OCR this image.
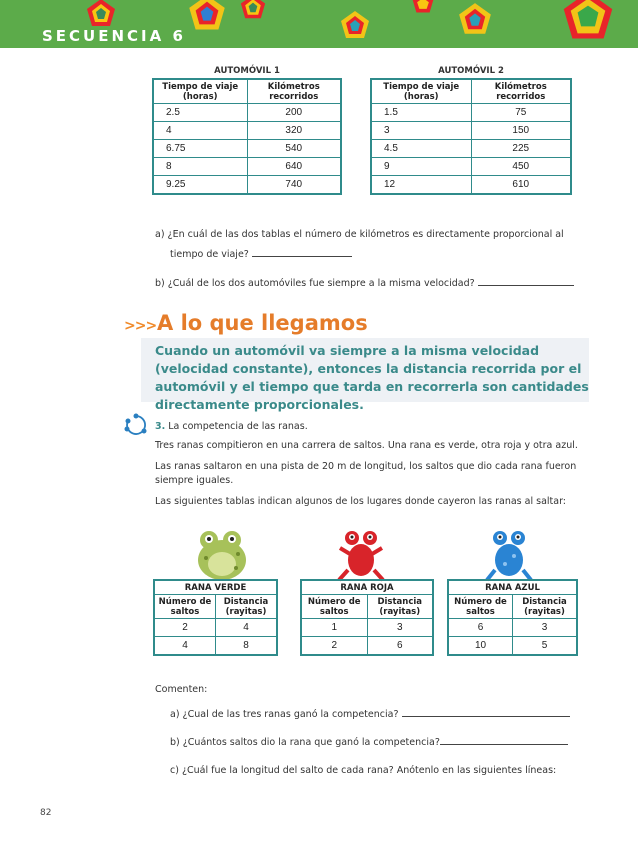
SECUENCIA 6
AUTOMÓVIL 1
Tiempo de viaje (horas)	Kilómetros recorridos
2.5	200
4	320
6.75	540
8	640
9.25	740
AUTOMÓVIL 2
Tiempo de viaje (horas)	Kilómetros recorridos
1.5	75
3	150
4.5	225
9	450
12	610
a) ¿En cuál de las dos tablas el número de kilómetros es directamente proporcional al
tiempo de viaje?
b) ¿Cuál de los dos automóviles fue siempre a la misma velocidad?
>>> A lo que llegamos
Cuando un automóvil va siempre a la misma velocidad (velocidad constante), entonces la distancia recorrida por el automóvil y el tiempo que tarda en recorrerla son cantidades directamente proporcionales.
3. La competencia de las ranas.
Tres ranas compitieron en una carrera de saltos. Una rana es verde, otra roja y otra azul.
Las ranas saltaron en una pista de 20 m de longitud, los saltos que dio cada rana fueron siempre iguales.
Las siguientes tablas indican algunos de los lugares donde cayeron las ranas al saltar:
RANA VERDE	
Número de saltos	Distancia (rayitas)
2	4
4	8
RANA ROJA	
Número de saltos	Distancia (rayitas)
1	3
2	6
RANA AZUL	
Número de saltos	Distancia (rayitas)
6	3
10	5
Comenten:
a) ¿Cual de las tres ranas ganó la competencia?
b) ¿Cuántos saltos dio la rana que ganó la competencia?
c) ¿Cuál fue la longitud del salto de cada rana? Anótenlo en las siguientes líneas:
82
